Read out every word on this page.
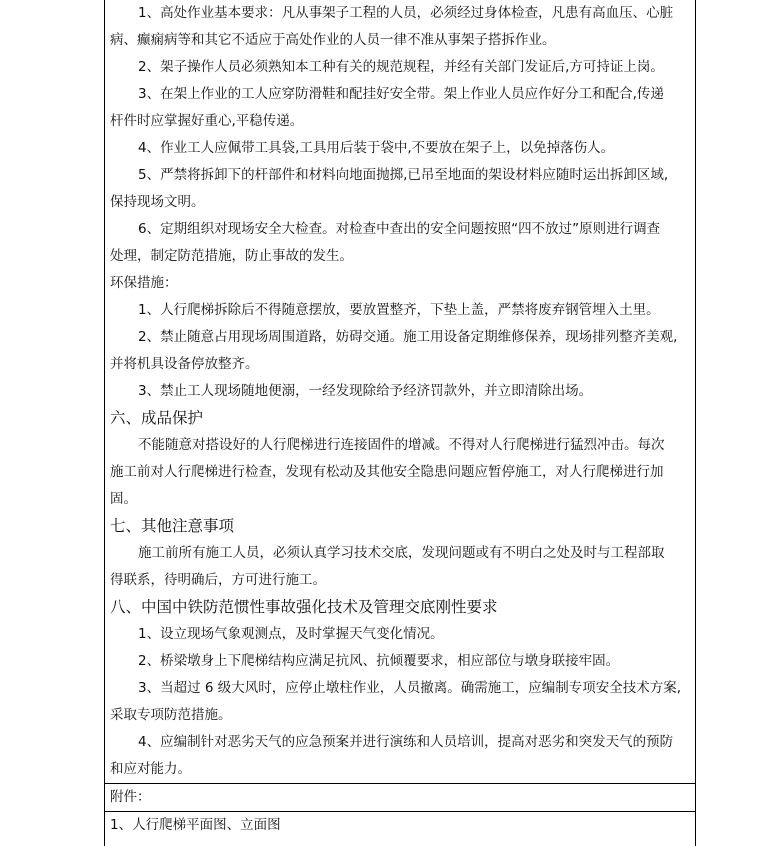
1、高处作业基本要求：凡从事架子工程的人员，必须经过身体检查，凡患有高血压、心脏
病、癫痫病等和其它不适应于高处作业的人员一律不准从事架子搭拆作业。
2、架子操作人员必须熟知本工种有关的规范规程，并经有关部门发证后,方可持证上岗。
3、在架上作业的工人应穿防滑鞋和配挂好安全带。架上作业人员应作好分工和配合,传递
杆件时应掌握好重心,平稳传递。
4、作业工人应佩带工具袋,工具用后装于袋中,不要放在架子上，以免掉落伤人。
5、严禁将拆卸下的杆部件和材料向地面抛掷,已吊至地面的架设材料应随时运出拆卸区域,
保持现场文明。
6、定期组织对现场安全大检查。对检查中查出的安全问题按照“四不放过”原则进行调查
处理，制定防范措施，防止事故的发生。
环保措施：
1、人行爬梯拆除后不得随意摆放，要放置整齐，下垫上盖，严禁将废弃钢管埋入土里。
2、禁止随意占用现场周围道路，妨碍交通。施工用设备定期维修保养，现场排列整齐美观,
并将机具设备停放整齐。
3、禁止工人现场随地便溺，一经发现除给予经济罚款外，并立即清除出场。
六、成品保护
不能随意对搭设好的人行爬梯进行连接固件的增减。不得对人行爬梯进行猛烈冲击。每次
施工前对人行爬梯进行检查，发现有松动及其他安全隐患问题应暂停施工，对人行爬梯进行加
固。
七、其他注意事项
施工前所有施工人员，必须认真学习技术交底，发现问题或有不明白之处及时与工程部取
得联系，待明确后，方可进行施工。
八、中国中铁防范惯性事故强化技术及管理交底刚性要求
1、设立现场气象观测点，及时掌握天气变化情况。
2、桥梁墩身上下爬梯结构应满足抗风、抗倾覆要求，相应部位与墩身联接牢固。
3、当超过 6 级大风时，应停止墩柱作业，人员撤离。确需施工，应编制专项安全技术方案,
采取专项防范措施。
4、应编制针对恶劣天气的应急预案并进行演练和人员培训，提高对恶劣和突发天气的预防
和应对能力。
附件：
1、人行爬梯平面图、立面图
